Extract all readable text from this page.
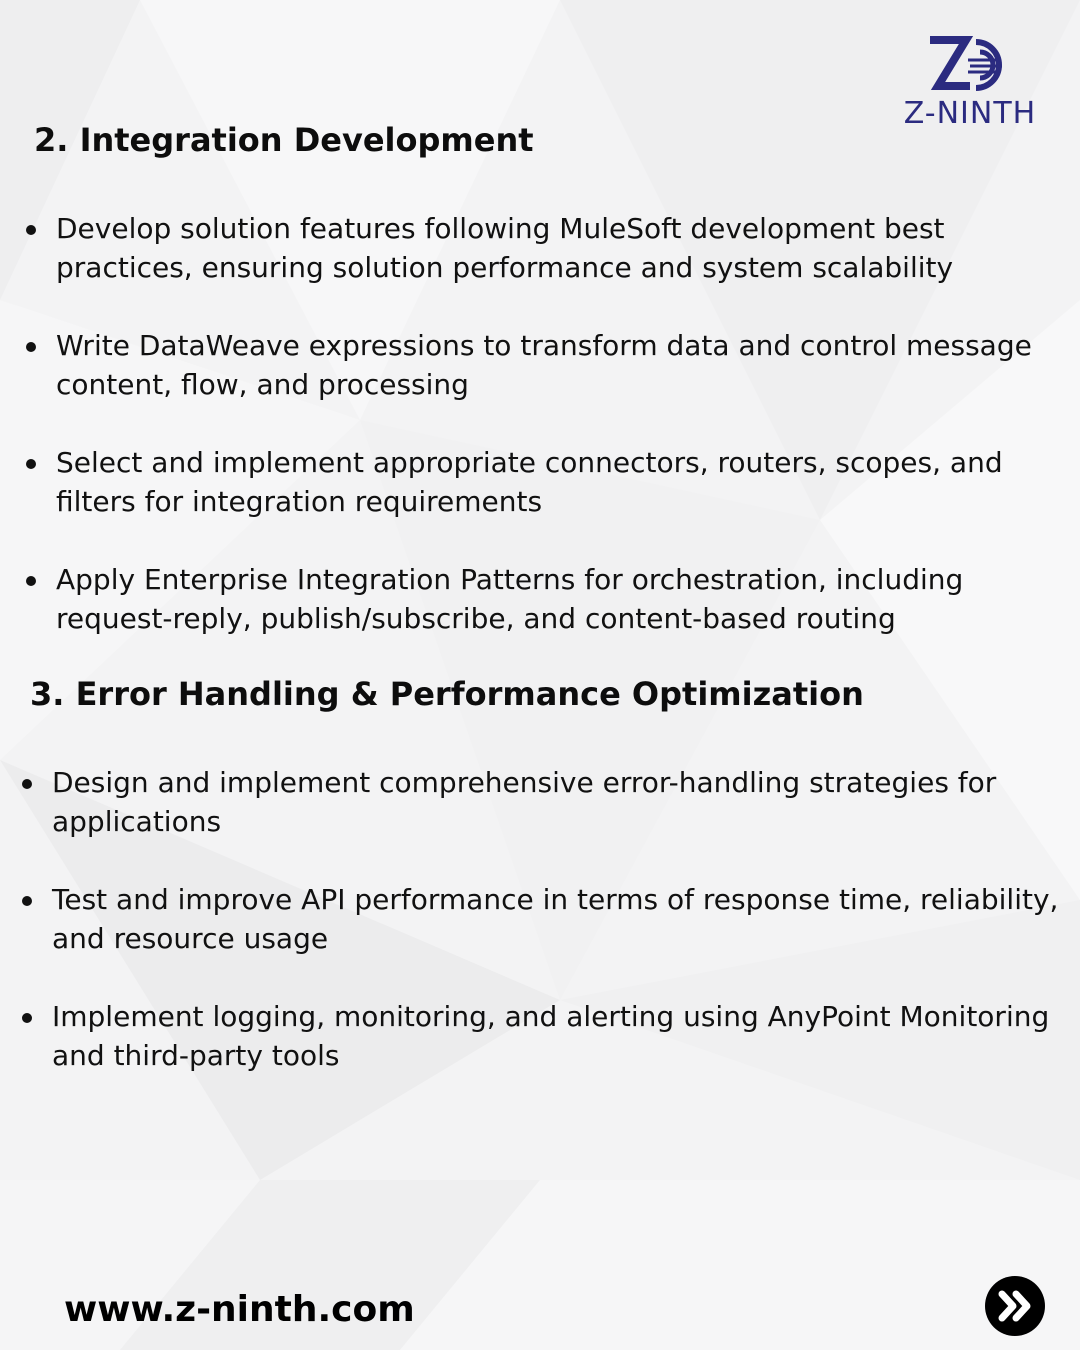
Z-NINTH
2. Integration Development
Develop solution features following MuleSoft development best practices, ensuring solution performance and system scalability
Write DataWeave expressions to transform data and control message content, flow, and processing
Select and implement appropriate connectors, routers, scopes, and filters for integration requirements
Apply Enterprise Integration Patterns for orchestration, including request-reply, publish/subscribe, and content-based routing
3. Error Handling & Performance Optimization
Design and implement comprehensive error-handling strategies for applications
Test and improve API performance in terms of response time, reliability, and resource usage
Implement logging, monitoring, and alerting using AnyPoint Monitoring and third-party tools
www.z-ninth.com
